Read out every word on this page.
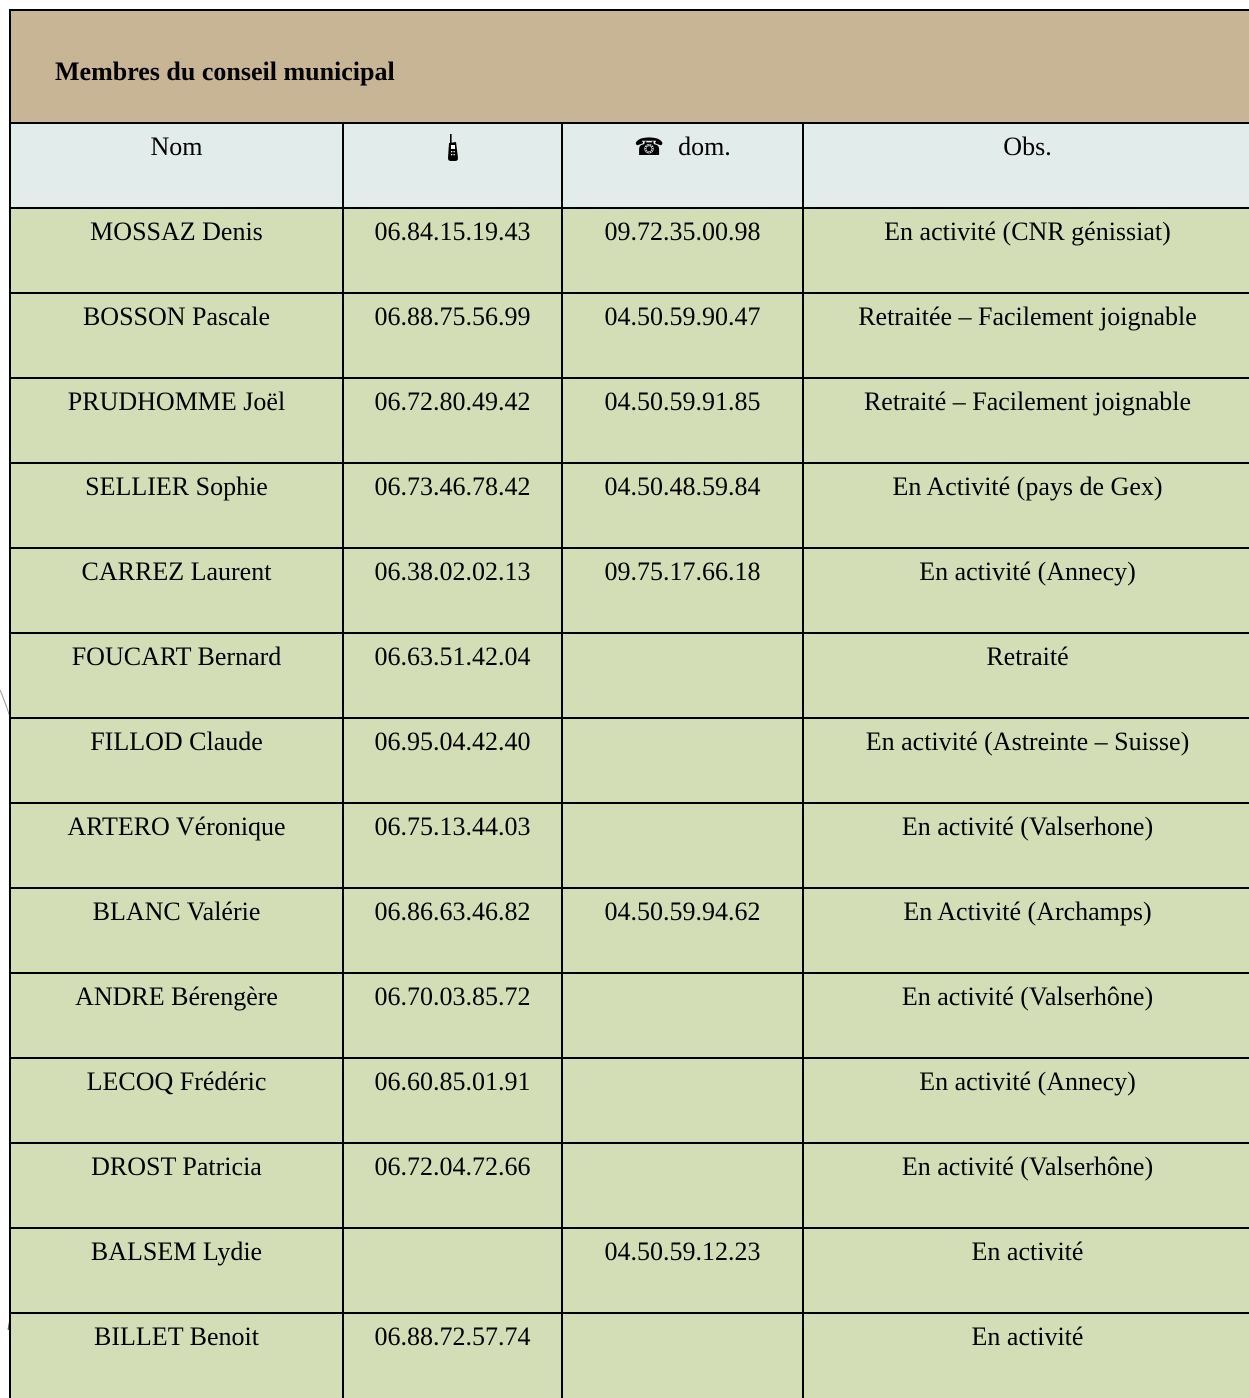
Membres du conseil municipal
Nom		☎ dom.	Obs.
MOSSAZ Denis	06.84.15.19.43	09.72.35.00.98	En activité (CNR génissiat)
BOSSON Pascale	06.88.75.56.99	04.50.59.90.47	Retraitée – Facilement joignable
PRUDHOMME Joël	06.72.80.49.42	04.50.59.91.85	Retraité – Facilement joignable
SELLIER Sophie	06.73.46.78.42	04.50.48.59.84	En Activité (pays de Gex)
CARREZ Laurent	06.38.02.02.13	09.75.17.66.18	En activité (Annecy)
FOUCART Bernard	06.63.51.42.04		Retraité
FILLOD Claude	06.95.04.42.40		En activité (Astreinte – Suisse)
ARTERO Véronique	06.75.13.44.03		En activité (Valserhone)
BLANC Valérie	06.86.63.46.82	04.50.59.94.62	En Activité (Archamps)
ANDRE Bérengère	06.70.03.85.72		En activité (Valserhône)
LECOQ Frédéric	06.60.85.01.91		En activité (Annecy)
DROST Patricia	06.72.04.72.66		En activité (Valserhône)
BALSEM Lydie		04.50.59.12.23	En activité
BILLET Benoit	06.88.72.57.74		En activité
